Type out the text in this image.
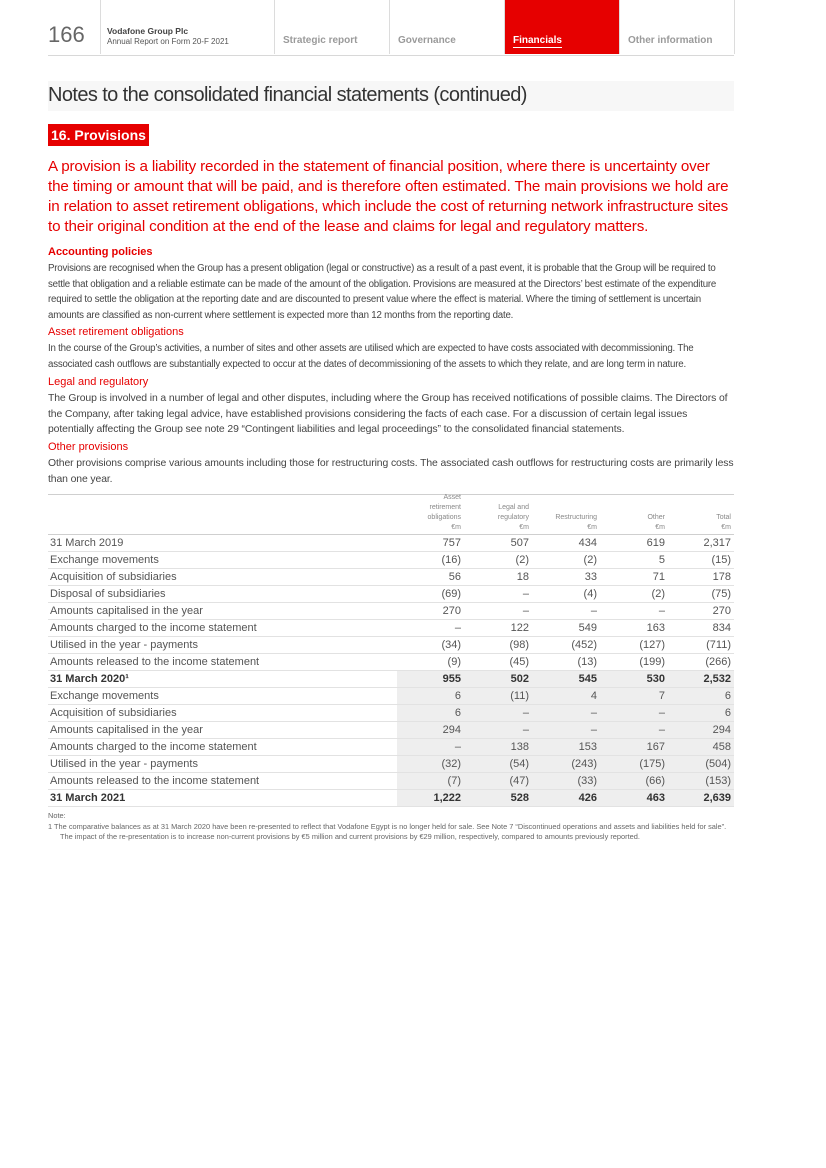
166	Vodafone Group Plc
Annual Report on Form 20-F 2021	Strategic report	Governance	Financials	Other information
Notes to the consolidated financial statements (continued)
16. Provisions
A provision is a liability recorded in the statement of financial position, where there is uncertainty over the timing or amount that will be paid, and is therefore often estimated. The main provisions we hold are in relation to asset retirement obligations, which include the cost of returning network infrastructure sites to their original condition at the end of the lease and claims for legal and regulatory matters.
Accounting policies
Provisions are recognised when the Group has a present obligation (legal or constructive) as a result of a past event, it is probable that the Group will be required to settle that obligation and a reliable estimate can be made of the amount of the obligation. Provisions are measured at the Directors’ best estimate of the expenditure required to settle the obligation at the reporting date and are discounted to present value where the effect is material. Where the timing of settlement is uncertain amounts are classified as non-current where settlement is expected more than 12 months from the reporting date.
Asset retirement obligations
In the course of the Group’s activities, a number of sites and other assets are utilised which are expected to have costs associated with decommissioning. The associated cash outflows are substantially expected to occur at the dates of decommissioning of the assets to which they relate, and are long term in nature.
Legal and regulatory
The Group is involved in a number of legal and other disputes, including where the Group has received notifications of possible claims. The Directors of the Company, after taking legal advice, have established provisions considering the facts of each case. For a discussion of certain legal issues potentially affecting the Group see note 29 “Contingent liabilities and legal proceedings” to the consolidated financial statements.
Other provisions
Other provisions comprise various amounts including those for restructuring costs. The associated cash outflows for restructuring costs are primarily less than one year.
Asset
retirement
obligations
€m
Legal and
regulatory
€m
Restructuring
€m
Other
€m
Total
€m
31 March 2019	757	507	434	619	2,317
Exchange movements	(16)	(2)	(2)	5	(15)
Acquisition of subsidiaries	56	18	33	71	178
Disposal of subsidiaries	(69)	–	(4)	(2)	(75)
Amounts capitalised in the year	270	–	–	–	270
Amounts charged to the income statement	–	122	549	163	834
Utilised in the year - payments	(34)	(98)	(452)	(127)	(711)
Amounts released to the income statement	(9)	(45)	(13)	(199)	(266)
31 March 2020¹	955	502	545	530	2,532
Exchange movements	6	(11)	4	7	6
Acquisition of subsidiaries	6	–	–	–	6
Amounts capitalised in the year	294	–	–	–	294
Amounts charged to the income statement	–	138	153	167	458
Utilised in the year - payments	(32)	(54)	(243)	(175)	(504)
Amounts released to the income statement	(7)	(47)	(33)	(66)	(153)
31 March 2021	1,222	528	426	463	2,639
Note:
1 The comparative balances as at 31 March 2020 have been re-presented to reflect that Vodafone Egypt is no longer held for sale. See Note 7 “Discontinued operations and assets and liabilities held for sale”. The impact of the re-presentation is to increase non-current provisions by €5 million and current provisions by €29 million, respectively, compared to amounts previously reported.
